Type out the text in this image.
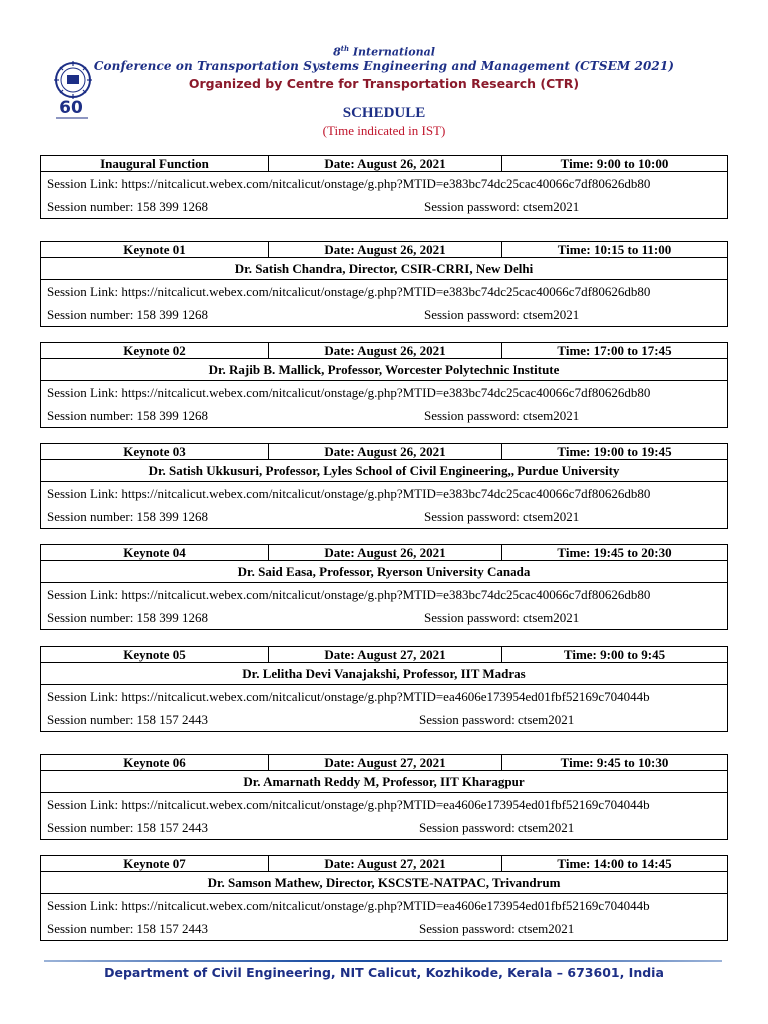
60
8th International
Conference on Transportation Systems Engineering and Management (CTSEM 2021)
Organized by Centre for Transportation Research (CTR)
SCHEDULE
(Time indicated in IST)
Inaugural Function	Date: August 26, 2021	Time: 9:00 to 10:00
Session Link: https://nitcalicut.webex.com/nitcalicut/onstage/g.php?MTID=e383bc74dc25cac40066c7df80626db80
Session number: 158 399 1268	Session password: ctsem2021
Keynote 01	Date: August 26, 2021	Time: 10:15 to 11:00
Dr. Satish Chandra, Director, CSIR-CRRI, New Delhi
Session Link: https://nitcalicut.webex.com/nitcalicut/onstage/g.php?MTID=e383bc74dc25cac40066c7df80626db80
Session number: 158 399 1268	Session password: ctsem2021
Keynote 02	Date: August 26, 2021	Time: 17:00 to 17:45
Dr. Rajib B. Mallick, Professor, Worcester Polytechnic Institute
Session Link: https://nitcalicut.webex.com/nitcalicut/onstage/g.php?MTID=e383bc74dc25cac40066c7df80626db80
Session number: 158 399 1268	Session password: ctsem2021
Keynote 03	Date: August 26, 2021	Time: 19:00 to 19:45
Dr. Satish Ukkusuri, Professor, Lyles School of Civil Engineering,, Purdue University
Session Link: https://nitcalicut.webex.com/nitcalicut/onstage/g.php?MTID=e383bc74dc25cac40066c7df80626db80
Session number: 158 399 1268	Session password: ctsem2021
Keynote 04	Date: August 26, 2021	Time: 19:45 to 20:30
Dr. Said Easa, Professor, Ryerson University Canada
Session Link: https://nitcalicut.webex.com/nitcalicut/onstage/g.php?MTID=e383bc74dc25cac40066c7df80626db80
Session number: 158 399 1268	Session password: ctsem2021
Keynote 05	Date: August 27, 2021	Time: 9:00 to 9:45
Dr. Lelitha Devi Vanajakshi, Professor, IIT Madras
Session Link: https://nitcalicut.webex.com/nitcalicut/onstage/g.php?MTID=ea4606e173954ed01fbf52169c704044b
Session number: 158 157 2443	Session password: ctsem2021
Keynote 06	Date: August 27, 2021	Time: 9:45 to 10:30
Dr. Amarnath Reddy M, Professor, IIT Kharagpur
Session Link: https://nitcalicut.webex.com/nitcalicut/onstage/g.php?MTID=ea4606e173954ed01fbf52169c704044b
Session number: 158 157 2443	Session password: ctsem2021
Keynote 07	Date: August 27, 2021	Time: 14:00 to 14:45
Dr. Samson Mathew, Director, KSCSTE-NATPAC, Trivandrum
Session Link: https://nitcalicut.webex.com/nitcalicut/onstage/g.php?MTID=ea4606e173954ed01fbf52169c704044b
Session number: 158 157 2443	Session password: ctsem2021
Department of Civil Engineering, NIT Calicut, Kozhikode, Kerala – 673601, India
